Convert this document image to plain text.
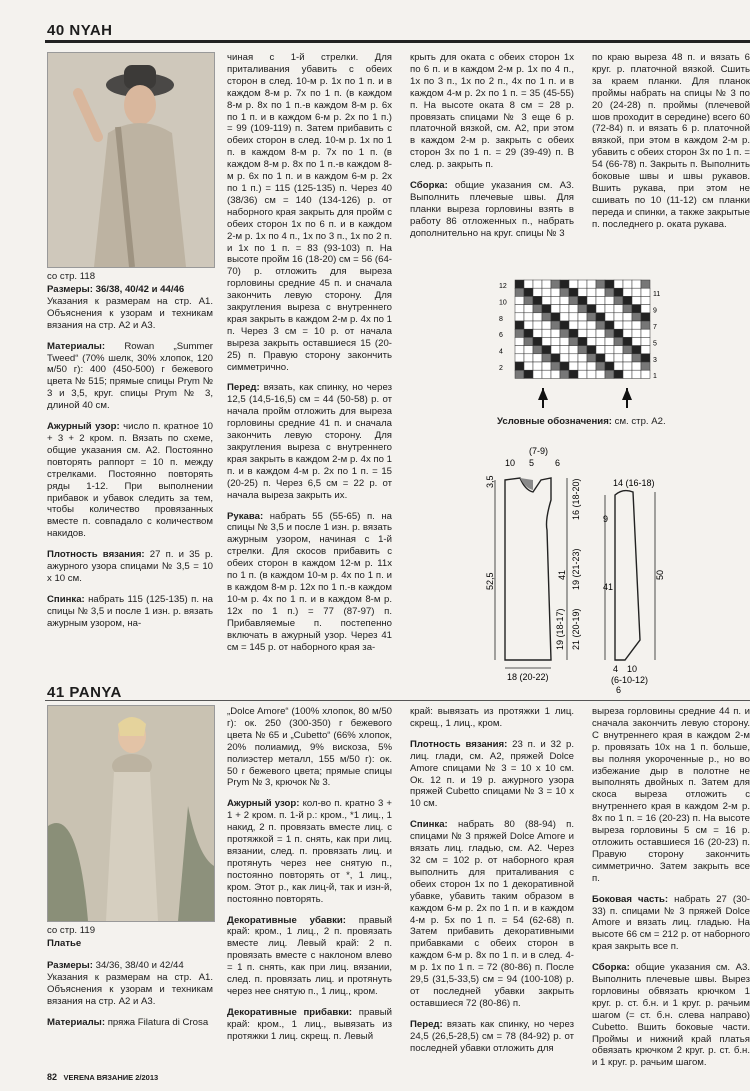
40 NYAH
со стр. 118

Размеры: 36/38, 40/42 и 44/46
Указания к размерам на стр. А1. Объяснения к узорам и техникам вязания на стр. А2 и А3.

Материалы: Rowan „Summer Tweed“ (70% шелк, 30% хлопок, 120 м/50 г): 400 (450-500) г бежевого цвета № 515; прямые спицы Prym № 3 и 3,5, круг. спицы Prym № 3, длиной 40 см.

Ажурный узор: число п. кратное 10 + 3 + 2 кром. п. Вязать по схеме, общие указания см. А2. Постоянно повторять раппорт = 10 п. между стрелками. Постоянно повторять ряды 1-12. При выполнении прибавок и убавок следить за тем, чтобы количество провязанных вместе п. совпадало с количеством накидов.

Плотность вязания: 27 п. и 35 р. ажурного узора спицами № 3,5 = 10 х 10 см.

Спинка: набрать 115 (125-135) п. на спицы № 3,5 и после 1 изн. р. вязать ажурным узором, на-

чиная с 1-й стрелки. Для приталивания убавить с обеих сторон в след. 10-м р. 1х по 1 п. и в каждом 8-м р. 7х по 1 п. (в каждом 8-м р. 8х по 1 п.-в каждом 8-м р. 6х по 1 п. и в каждом 6-м р. 2х по 1 п.) = 99 (109-119) п. Затем прибавить с обеих сторон в след. 10-м р. 1х по 1 п. в каждом 8-м р. 7х по 1 п. (в каждом 8-м р. 8х по 1 п.-в каждом 8-м р. 6х по 1 п. и в каждом 6-м р. 2х по 1 п.) = 115 (125-135) п. Через 40 (38/36) см = 140 (134-126) р. от наборного края закрыть для пройм с обеих сторон 1х по 6 п. и в каждом 2-м р. 1х по 4 п., 1х по 3 п., 1х по 2 п. и 1х по 1 п. = 83 (93-103) п. На высоте пройм 16 (18-20) см = 56 (64-70) р. отложить для выреза горловины средние 45 п. и сначала закончить левую сторону. Для закругления выреза с внутреннего края закрыть в каждом 2-м р. 4х по 1 п. Через 3 см = 10 р. от начала выреза закрыть оставшиеся 15 (20-25) п. Правую сторону закончить симметрично.

Перед: вязать, как спинку, но через 12,5 (14,5-16,5) см = 44 (50-58) р. от начала пройм отложить для выреза горловины средние 41 п. и сначала закончить левую сторону. Для закругления выреза с внутреннего края закрыть в каждом 2-м р. 4х по 1 п. и в каждом 4-м р. 2х по 1 п. = 15 (20-25) п. Через 6,5 см = 22 р. от начала выреза закрыть их.

Рукава: набрать 55 (55-65) п. на спицы № 3,5 и после 1 изн. р. вязать ажурным узором, начиная с 1-й стрелки. Для скосов прибавить с обеих сторон в каждом 12-м р. 11х по 1 п. (в каждом 10-м р. 4х по 1 п. и в каждом 8-м р. 12х по 1 п.-в каждом 10-м р. 4х по 1 п. и в каждом 8-м р. 12х по 1 п.) = 77 (87-97) п. Прибавляемые п. постепенно включать в ажурный узор. Через 41 см = 145 р. от наборного края за-

крыть для оката с обеих сторон 1х по 6 п. и в каждом 2-м р. 1х по 4 п., 1х по 3 п., 1х по 2 п., 4х по 1 п. и в каждом 4-м р. 2х по 1 п. = 35 (45-55) п. На высоте оката 8 см = 28 р. провязать спицами № 3 еще 6 р. платочной вязкой, см. А2, при этом в каждом 2-м р. закрыть с обеих сторон 3х по 1 п. = 29 (39-49) п. В след. р. закрыть п.

Сборка: общие указания см. А3. Выполнить плечевые швы. Для планки выреза горловины взять в работу 86 отложенных п., набрать дополнительно на круг. спицы № 3

по краю выреза 48 п. и вязать 6 круг. р. платочной вязкой. Сшить за краем планки. Для планок проймы набрать на спицы № 3 по 20 (24-28) п. проймы (плечевой шов проходит в середине) всего 60 (72-84) п. и вязать 6 р. платочной вязкой, при этом в каждом 2-м р. убавить с обеих сторон 3х по 1 п. = 54 (66-78) п. Закрыть п. Выполнить боковые швы и швы рукавов. Вшить рукава, при этом не сшивать по 10 (11-12) см планки переда и спинки, а также закрытые п. последнего р. оката рукава.

12
10
8
6
4
2
11
9
7
5
3
1
Условные обозначения: см. стр. А2.
(7-9)
10 5 6
3,5
52,5
16 (18-20)
19 (21-23)
21 (20-19)
19 (18-17)
41
18 (20-22)
14 (16-18)
9
50
41
4 10
(6-10-12)
6
41 PANYA
со стр. 119
Платье

Размеры: 34/36, 38/40 и 42/44
Указания к размерам на стр. А1. Объяснения к узорам и техникам вязания на стр. А2 и А3.

Материалы: пряжа Filatura di Crosa

„Dolce Amore“ (100% хлопок, 80 м/50 г): ок. 250 (300-350) г бежевого цвета № 65 и „Cubetto“ (66% хлопок, 20% полиамид, 9% вискоза, 5% полиэстер металл, 155 м/50 г): ок. 50 г бежевого цвета; прямые спицы Prym № 3, крючок № 3.

Ажурный узор: кол-во п. кратно 3 + 1 + 2 кром. п. 1-й р.: кром., *1 лиц., 1 накид, 2 п. провязать вместе лиц. с протяжкой = 1 п. снять, как при лиц. вязании, след. п. провязать лиц. и протянуть через нее снятую п., постоянно повторять от *, 1 лиц., кром. Этот р., как лиц-й, так и изн-й, постоянно повторять.

Декоративные убавки: правый край: кром., 1 лиц., 2 п. провязать вместе лиц. Левый край: 2 п. провязать вместе с наклоном влево = 1 п. снять, как при лиц. вязании, след. п. провязать лиц. и протянуть через нее снятую п., 1 лиц., кром.

Декоративные прибавки: правый край: кром., 1 лиц., вывязать из протяжки 1 лиц. скрещ. п. Левый

край: вывязать из протяжки 1 лиц. скрещ., 1 лиц., кром.

Плотность вязания: 23 п. и 32 р. лиц. глади, см. А2, пряжей Dolce Amore спицами № 3 = 10 х 10 см. Ок. 12 п. и 19 р. ажурного узора пряжей Cubetto спицами № 3 = 10 х 10 см.

Спинка: набрать 80 (88-94) п. спицами № 3 пряжей Dolce Amore и вязать лиц. гладью, см. А2. Через 32 см = 102 р. от наборного края выполнить для приталивания с обеих сторон 1х по 1 декоративной убавке, убавить таким образом в каждом 6-м р. 2х по 1 п. и в каждом 4-м р. 5х по 1 п. = 54 (62-68) п. Затем прибавить декоративными прибавками с обеих сторон в каждом 6-м р. 8х по 1 п. и в след. 4-м р. 1х по 1 п. = 72 (80-86) п. После 29,5 (31,5-33,5) см = 94 (100-108) р. от последней убавки закрыть оставшиеся 72 (80-86) п.

Перед: вязать как спинку, но через 24,5 (26,5-28,5) см = 78 (84-92) р. от последней убавки отложить для

выреза горловины средние 44 п. и сначала закончить левую сторону. С внутреннего края в каждом 2-м р. провязать 10х на 1 п. больше, вы полняя укороченные р., но во избежание дыр в полотне не выполнять двойных п. Затем для скоса выреза отложить с внутреннего края в каждом 2-м р. 8х по 1 п. = 16 (20-23) п. На высоте выреза горловины 5 см = 16 р. отложить оставшиеся 16 (20-23) п. Правую сторону закончить симметрично. Затем закрыть все п.

Боковая часть: набрать 27 (30-33) п. спицами № 3 пряжей Dolce Amore и вязать лиц. гладью. На высоте 66 см = 212 р. от наборного края закрыть все п.

Сборка: общие указания см. А3. Выполнить плечевые швы. Вырез горловины обвязать крючком 1 круг. р. ст. б.н. и 1 круг. р. рачьим шагом (= ст. б.н. слева направо) Cubetto. Вшить боковые части. Проймы и нижний край платья обвязать крючком 2 круг. р. ст. б.н. и 1 круг. р. рачьим шагом.

82 VERENA ВЯЗАНИЕ 2/2013
